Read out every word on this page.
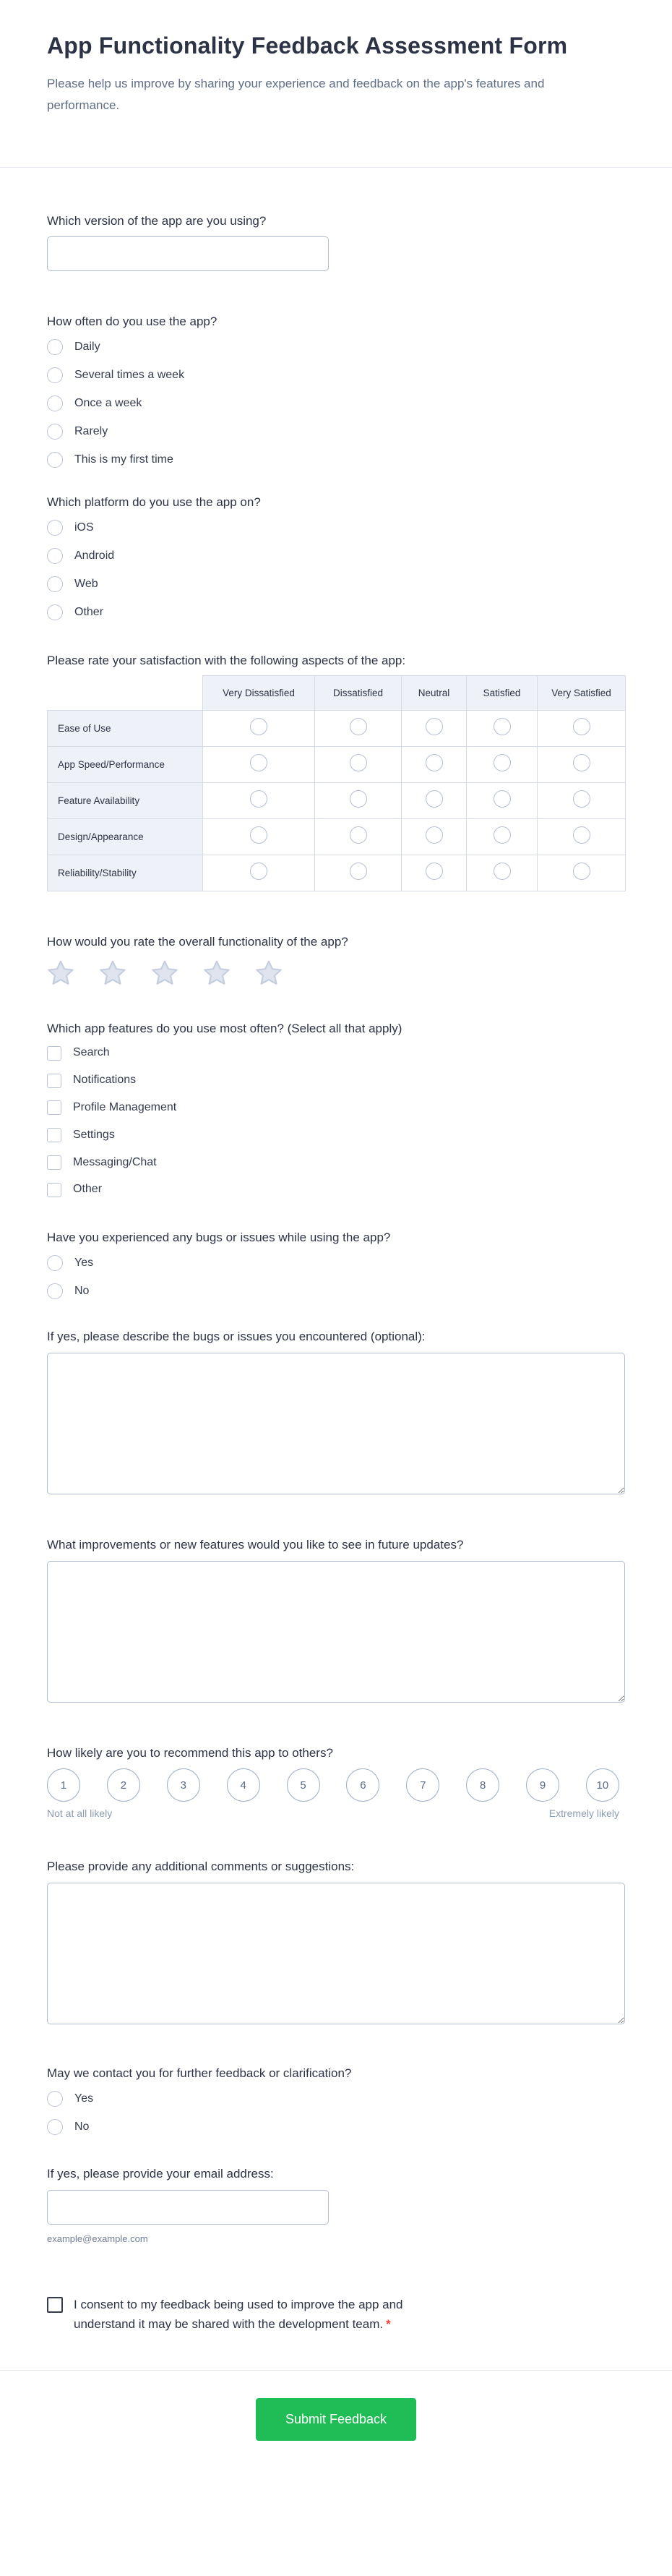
App Functionality Feedback Assessment Form
Please help us improve by sharing your experience and feedback on the app's features and performance.
Which version of the app are you using?
How often do you use the app?
Daily
Several times a week
Once a week
Rarely
This is my first time
Which platform do you use the app on?
iOS
Android
Web
Other
Please rate your satisfaction with the following aspects of the app:
	Very Dissatisfied	Dissatisfied	Neutral	Satisfied	Very Satisfied
Ease of Use					
App Speed/Performance					
Feature Availability					
Design/Appearance					
Reliability/Stability					
How would you rate the overall functionality of the app?
Which app features do you use most often? (Select all that apply)
Search
Notifications
Profile Management
Settings
Messaging/Chat
Other
Have you experienced any bugs or issues while using the app?
Yes
No
If yes, please describe the bugs or issues you encountered (optional):
What improvements or new features would you like to see in future updates?
How likely are you to recommend this app to others?
1	2	3	4	5	6	7	8	9	10
Not at all likely	Extremely likely
Please provide any additional comments or suggestions:
May we contact you for further feedback or clarification?
Yes
No
If yes, please provide your email address:
example@example.com
I consent to my feedback being used to improve the app and understand it may be shared with the development team. *
Submit Feedback
